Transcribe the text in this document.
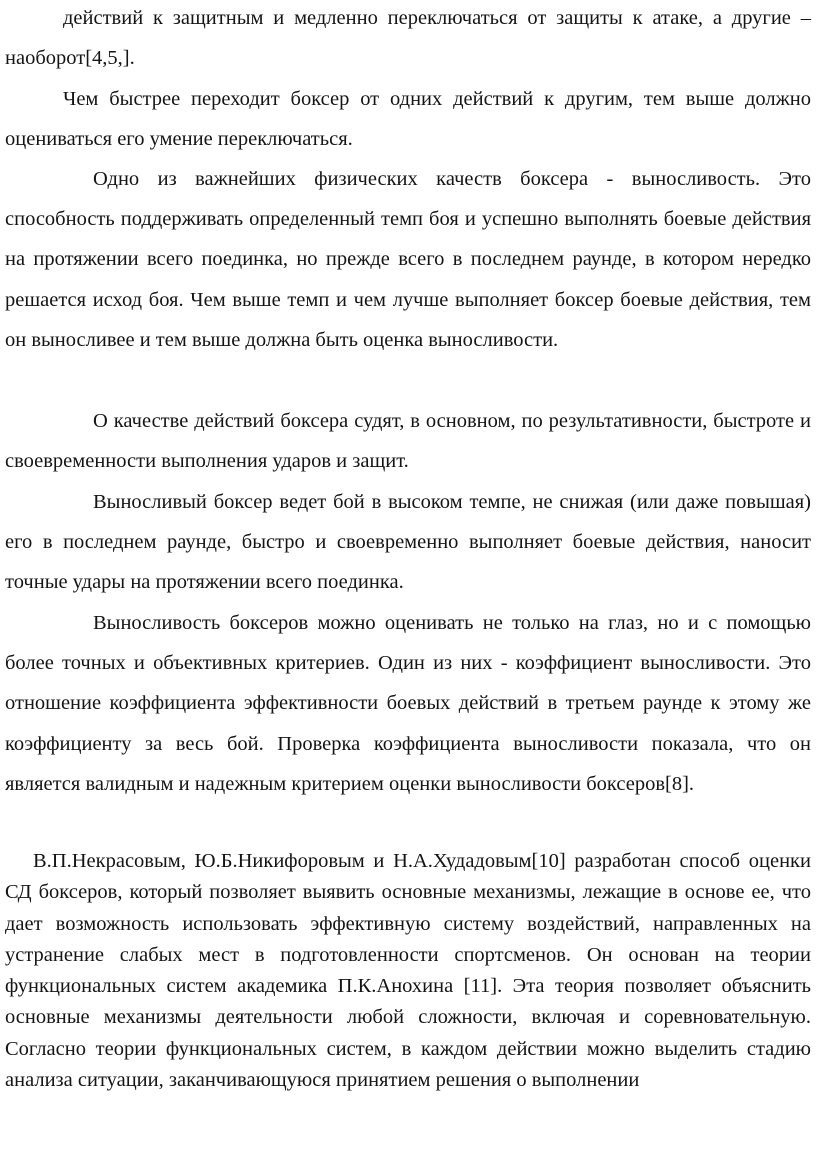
действий к защитным и медленно переключаться от защиты к атаке, а другие – наоборот[4,5,].

Чем быстрее переходит боксер от одних действий к другим, тем выше должно оцениваться его умение переключаться.

Одно из важнейших физических качеств боксера - выносливость. Это способность поддерживать определенный темп боя и успешно выполнять боевые действия на протяжении всего поединка, но прежде всего в последнем раунде, в котором нередко решается исход боя. Чем выше темп и чем лучше выполняет боксер боевые действия, тем он выносливее и тем выше должна быть оценка выносливости.

О качестве действий боксера судят, в основном, по результативности, быстроте и своевременности выполнения ударов и защит.

Выносливый боксер ведет бой в высоком темпе, не снижая (или даже повышая) его в последнем раунде, быстро и своевременно выполняет боевые действия, наносит точные удары на протяжении всего поединка.

Выносливость боксеров можно оценивать не только на глаз, но и с помощью более точных и объективных критериев. Один из них - коэффициент выносливости. Это отношение коэффициента эффективности боевых действий в третьем раунде к этому же коэффициенту за весь бой. Проверка коэффициента выносливости показала, что он является валидным и надежным критерием оценки выносливости боксеров[8].

В.П.Некрасовым, Ю.Б.Никифоровым и Н.А.Худадовым[10] разработан способ оценки СД боксеров, который позволяет выявить основные механизмы, лежащие в основе ее, что дает возможность использовать эффективную систему воздействий, направленных на устранение слабых мест в подготовленности спортсменов. Он основан на теории функциональных систем академика П.К.Анохина [11]. Эта теория позволяет объяснить основные механизмы деятельности любой сложности, включая и соревновательную. Согласно теории функциональных систем, в каждом действии можно выделить стадию анализа ситуации, заканчивающуюся принятием решения о выполнении
